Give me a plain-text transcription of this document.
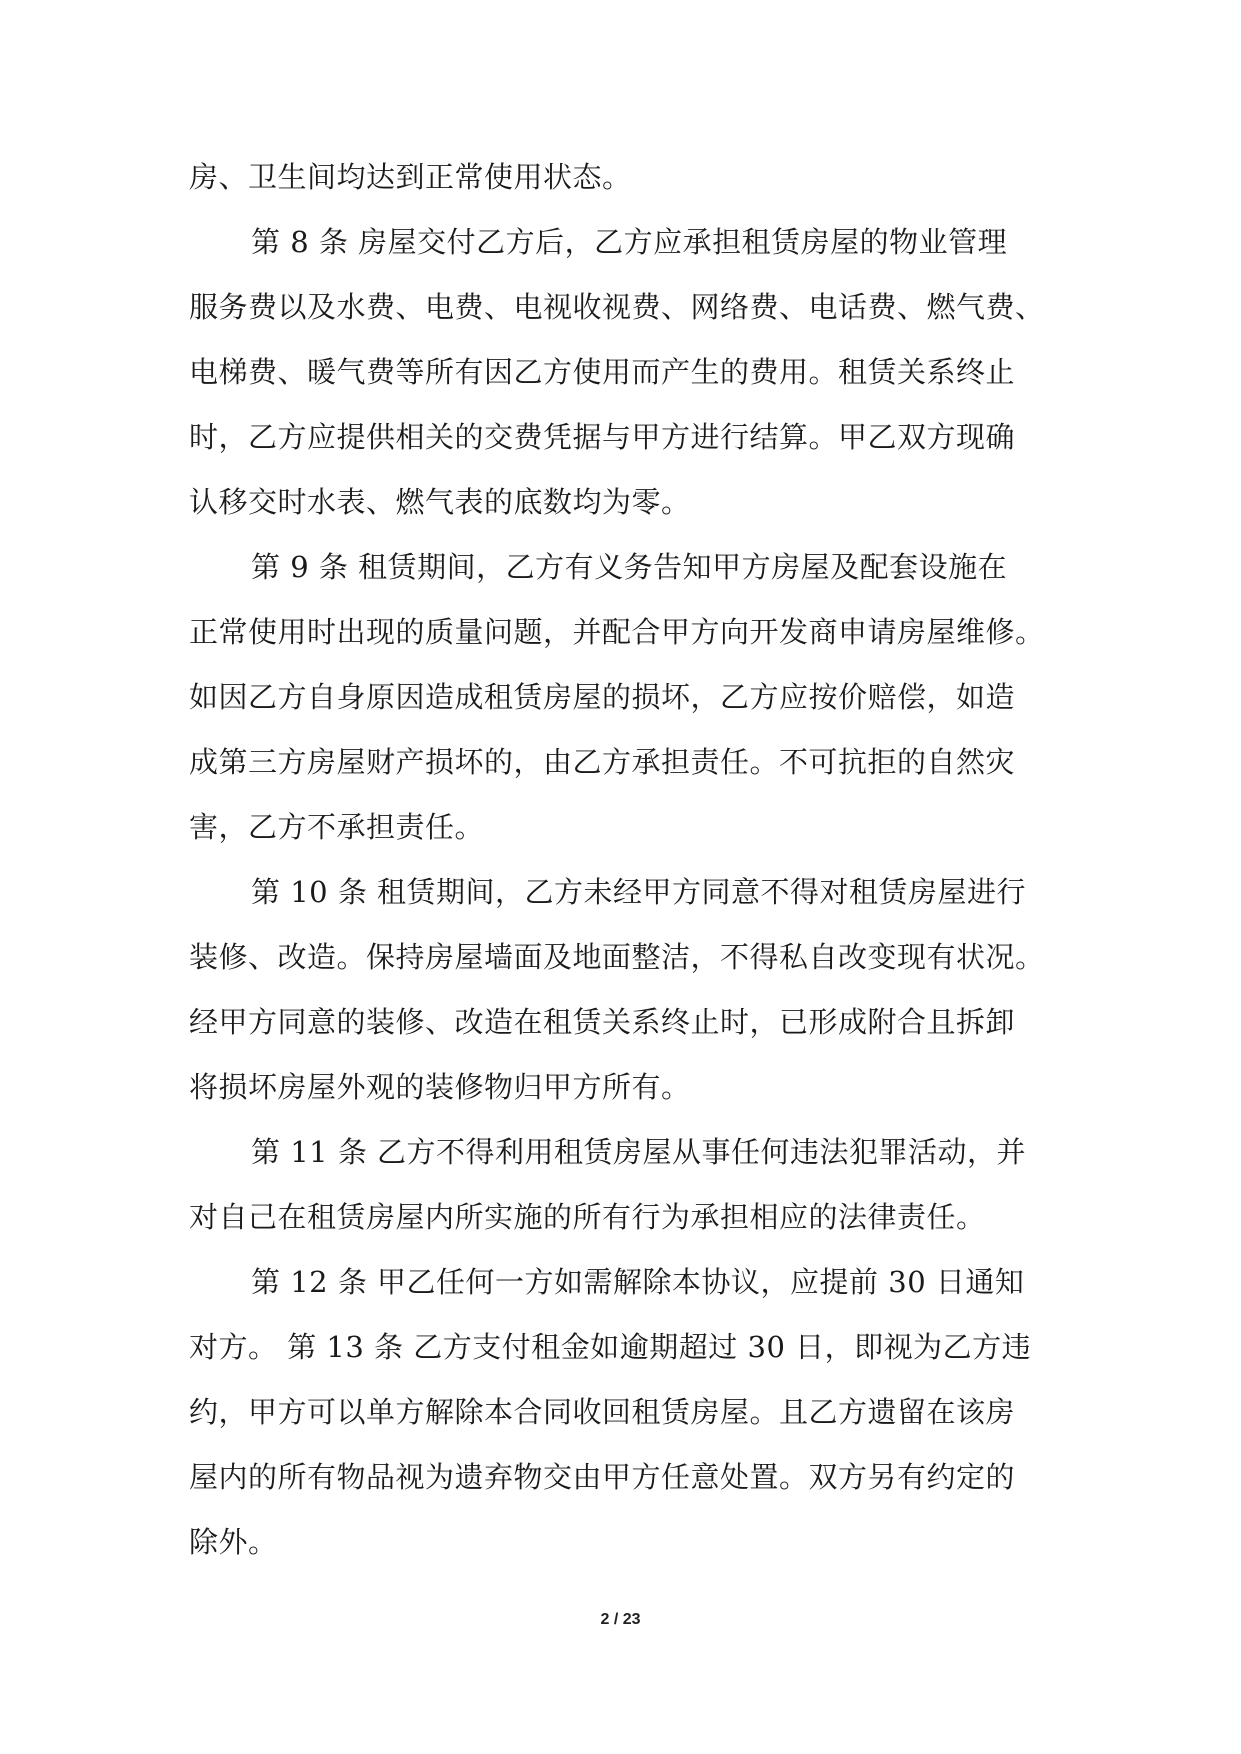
房、卫生间均达到正常使用状态。
第 8 条 房屋交付乙方后，乙方应承担租赁房屋的物业管理
服务费以及水费、电费、电视收视费、网络费、电话费、燃气费、
电梯费、暖气费等所有因乙方使用而产生的费用。租赁关系终止
时，乙方应提供相关的交费凭据与甲方进行结算。甲乙双方现确
认移交时水表、燃气表的底数均为零。
第 9 条 租赁期间，乙方有义务告知甲方房屋及配套设施在
正常使用时出现的质量问题，并配合甲方向开发商申请房屋维修。
如因乙方自身原因造成租赁房屋的损坏，乙方应按价赔偿，如造
成第三方房屋财产损坏的，由乙方承担责任。不可抗拒的自然灾
害，乙方不承担责任。
第 10 条 租赁期间，乙方未经甲方同意不得对租赁房屋进行
装修、改造。保持房屋墙面及地面整洁，不得私自改变现有状况。
经甲方同意的装修、改造在租赁关系终止时，已形成附合且拆卸
将损坏房屋外观的装修物归甲方所有。
第 11 条 乙方不得利用租赁房屋从事任何违法犯罪活动，并
对自己在租赁房屋内所实施的所有行为承担相应的法律责任。
第 12 条 甲乙任何一方如需解除本协议，应提前 30 日通知
对方。 第 13 条 乙方支付租金如逾期超过 30 日，即视为乙方违
约，甲方可以单方解除本合同收回租赁房屋。且乙方遗留在该房
屋内的所有物品视为遗弃物交由甲方任意处置。双方另有约定的
除外。
2 / 23
